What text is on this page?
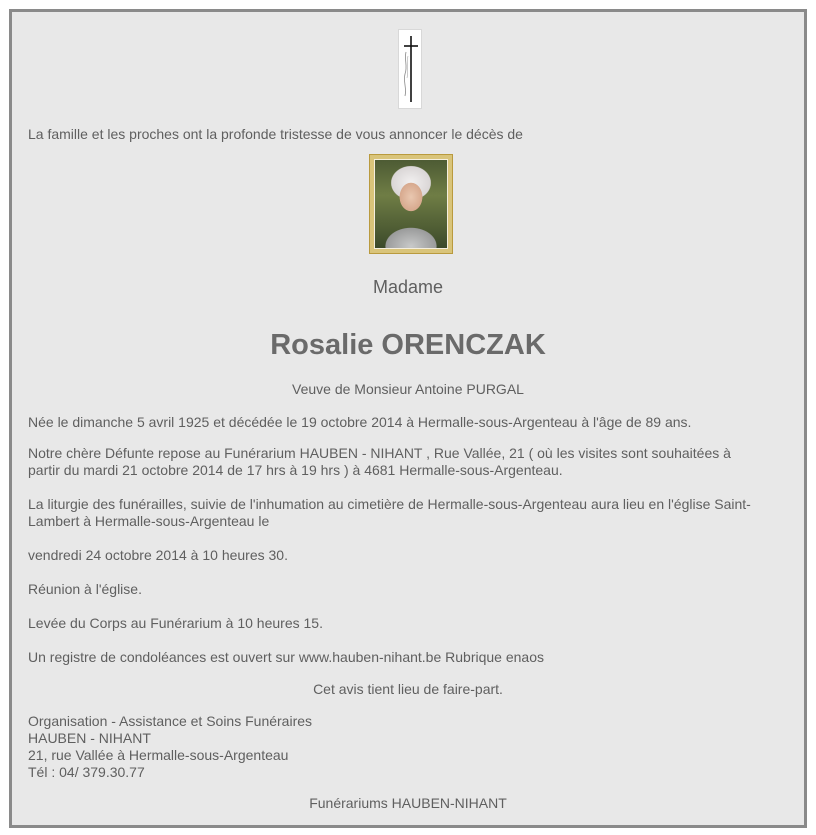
La famille et les proches ont la profonde tristesse de vous annoncer le décès de
Madame
Rosalie ORENCZAK
Veuve de Monsieur Antoine PURGAL
Née le dimanche 5 avril 1925 et décédée le 19 octobre 2014 à Hermalle-sous-Argenteau à l'âge de 89 ans.
Notre chère Défunte repose au Funérarium HAUBEN - NIHANT , Rue Vallée, 21 ( où les visites sont souhaitées à
partir du mardi 21 octobre 2014 de 17 hrs à 19 hrs ) à 4681 Hermalle-sous-Argenteau.
La liturgie des funérailles, suivie de l'inhumation au cimetière de Hermalle-sous-Argenteau aura lieu en l'église Saint-
Lambert à Hermalle-sous-Argenteau le
vendredi 24 octobre 2014 à 10 heures 30.
Réunion à l'église.
Levée du Corps au Funérarium à 10 heures 15.
Un registre de condoléances est ouvert sur www.hauben-nihant.be Rubrique enaos
Cet avis tient lieu de faire-part.
Organisation - Assistance et Soins Funéraires
HAUBEN - NIHANT
21, rue Vallée à Hermalle-sous-Argenteau
Tél : 04/ 379.30.77
Funérariums HAUBEN-NIHANT
